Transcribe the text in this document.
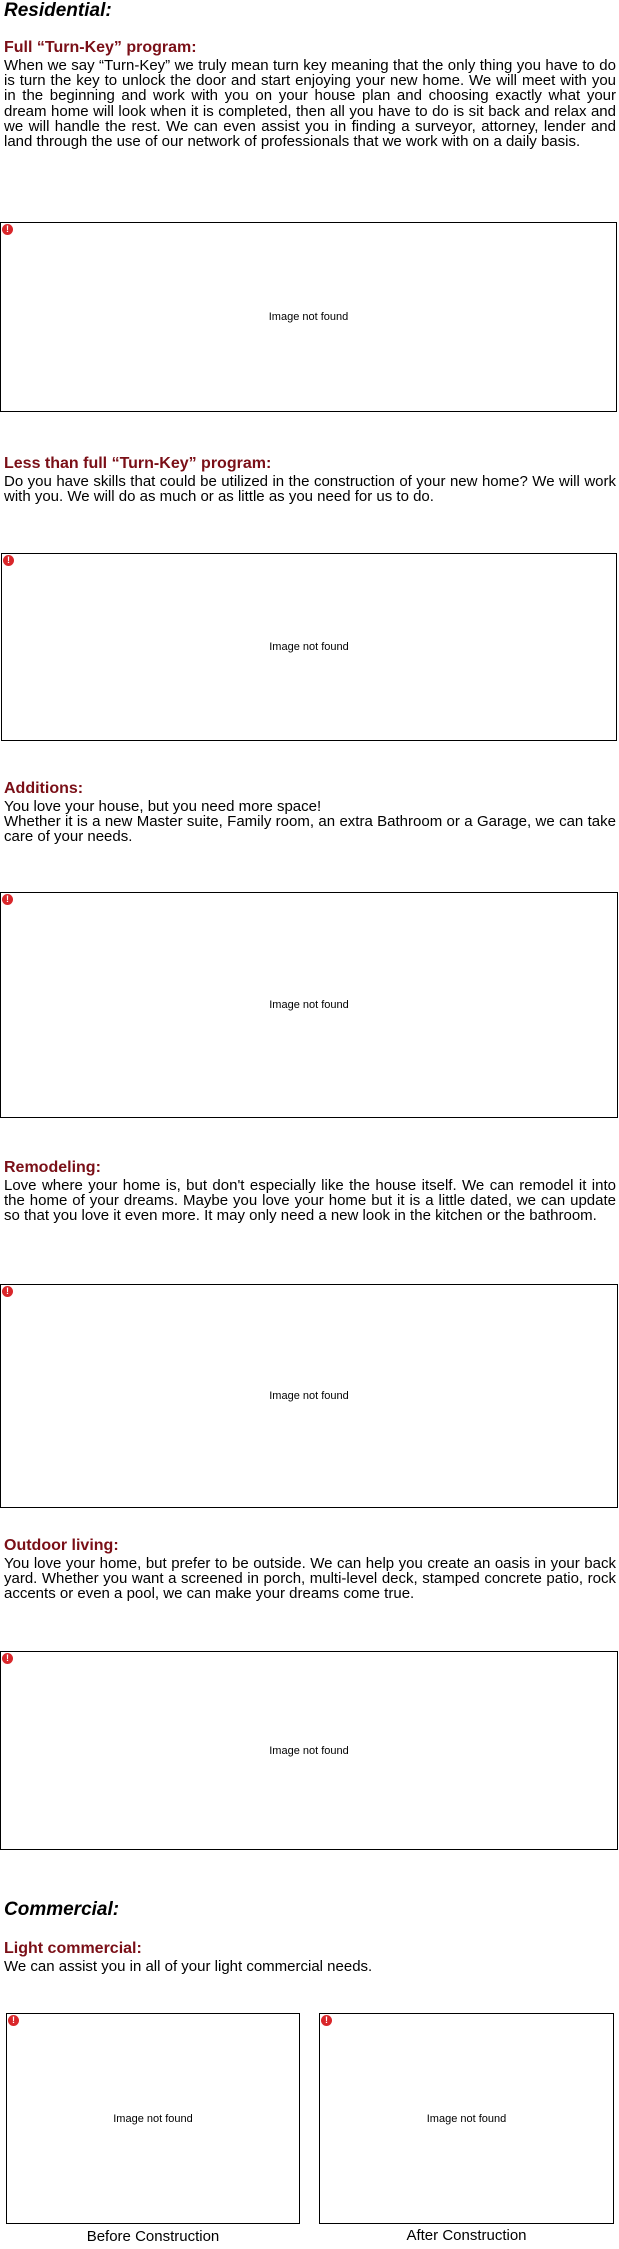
Residential:
Full “Turn-Key” program:
When we say “Turn-Key” we truly mean turn key meaning that the only thing you have to do is turn the key to unlock the door and start enjoying your new home. We will meet with you in the beginning and work with you on your house plan and choosing exactly what your dream home will look when it is completed, then all you have to do is sit back and relax and we will handle the rest. We can even assist you in finding a surveyor, attorney, lender and land through the use of our network of professionals that we work with on a daily basis.
!
Image not found
Less than full “Turn-Key” program:
Do you have skills that could be utilized in the construction of your new home? We will work with you. We will do as much or as little as you need for us to do.
!
Image not found
Additions:
You love your house, but you need more space!
Whether it is a new Master suite, Family room, an extra Bathroom or a Garage, we can take care of your needs.
!
Image not found
Remodeling:
Love where your home is, but don't especially like the house itself. We can remodel it into the home of your dreams. Maybe you love your home but it is a little dated, we can update so that you love it even more. It may only need a new look in the kitchen or the bathroom.
!
Image not found
Outdoor living:
You love your home, but prefer to be outside. We can help you create an oasis in your back yard. Whether you want a screened in porch, multi-level deck, stamped concrete patio, rock accents or even a pool, we can make your dreams come true.
!
Image not found
Commercial:
Light commercial:
We can assist you in all of your light commercial needs.
!
Image not found
!
Image not found
Before Construction	After Construction
